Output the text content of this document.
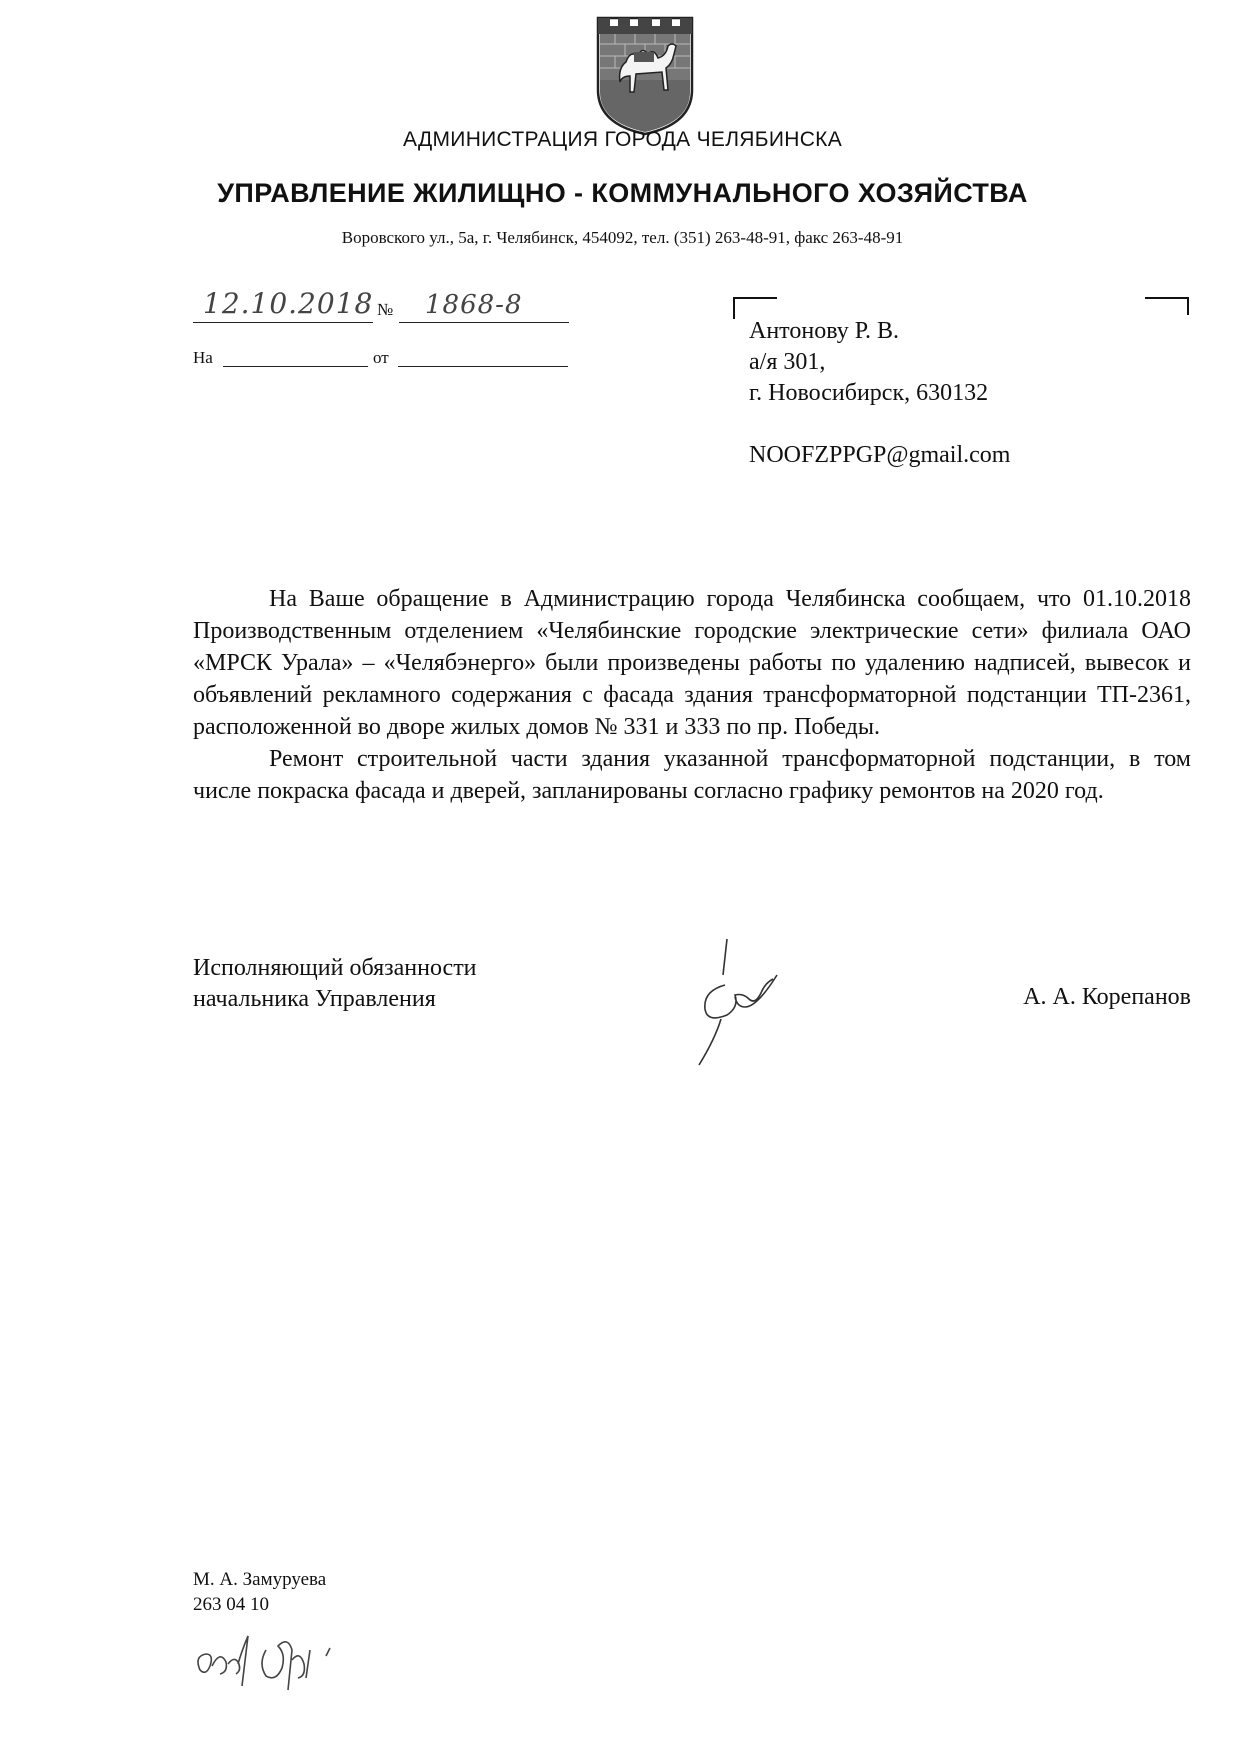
АДМИНИСТРАЦИЯ ГОРОДА ЧЕЛЯБИНСКА
УПРАВЛЕНИЕ ЖИЛИЩНО - КОММУНАЛЬНОГО ХОЗЯЙСТВА
Воровского ул., 5а, г. Челябинск, 454092, тел. (351) 263-48-91, факс 263-48-91
12.10.2018 № 1868-8
На	от
Антонову Р. В.
а/я 301,
г. Новосибирск, 630132
NOOFZPPGP@gmail.com

На Ваше обращение в Администрацию города Челябинска сообщаем, что 01.10.2018 Производственным отделением «Челябинские городские электрические сети» филиала ОАО «МРСК Урала» – «Челябэнерго» были произведены работы по удалению надписей, вывесок и объявлений рекламного содержания с фасада здания трансформаторной подстанции ТП-2361, расположенной во дворе жилых домов № 331 и 333 по пр. Победы.

Ремонт строительной части здания указанной трансформаторной подстанции, в том числе покраска фасада и дверей, запланированы согласно графику ремонтов на 2020 год.

Исполняющий обязанности
начальника Управления	А. А. Корепанов
М. А. Замуруева
263 04 10
